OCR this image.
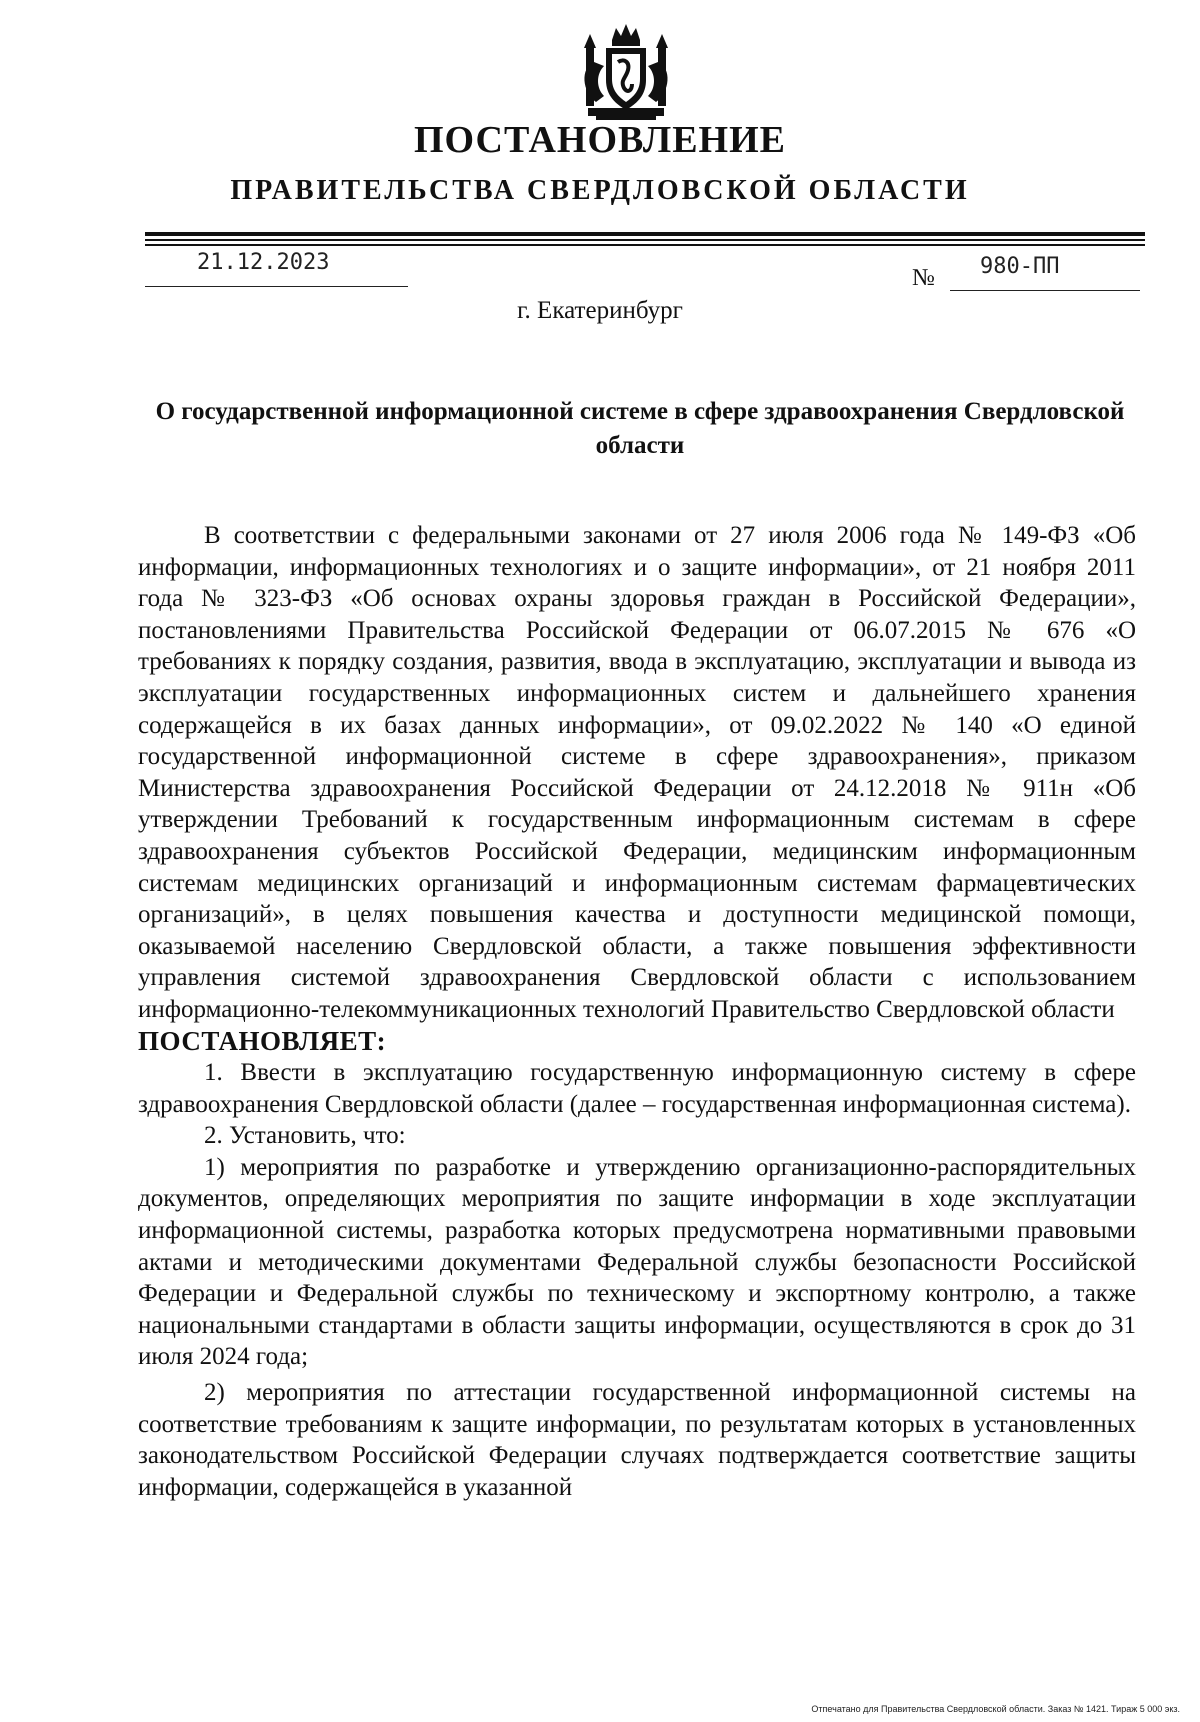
ПОСТАНОВЛЕНИЕ
ПРАВИТЕЛЬСТВА СВЕРДЛОВСКОЙ ОБЛАСТИ
21.12.2023
№ 980-ПП
г. Екатеринбург
О государственной информационной системе в сфере здравоохранения Свердловской области

В соответствии с федеральными законами от 27 июля 2006 года № 149-ФЗ «Об информации, информационных технологиях и о защите информации», от 21 ноября 2011 года № 323-ФЗ «Об основах охраны здоровья граждан в Российской Федерации», постановлениями Правительства Российской Федерации от 06.07.2015 № 676 «О требованиях к порядку создания, развития, ввода в эксплуатацию, эксплуатации и вывода из эксплуатации государственных информационных систем и дальнейшего хранения содержащейся в их базах данных информации», от 09.02.2022 № 140 «О единой государственной информационной системе в сфере здравоохранения», приказом Министерства здравоохранения Российской Федерации от 24.12.2018 № 911н «Об утверждении Требований к государственным информационным системам в сфере здравоохранения субъектов Российской Федерации, медицинским информационным системам медицинских организаций и информационным системам фармацевтических организаций», в целях повышения качества и доступности медицинской помощи, оказываемой населению Свердловской области, а также повышения эффективности управления системой здравоохранения Свердловской области с использованием информационно-телекоммуникационных технологий Правительство Свердловской области

ПОСТАНОВЛЯЕТ:

1. Ввести в эксплуатацию государственную информационную систему в сфере здравоохранения Свердловской области (далее – государственная информационная система).

2. Установить, что:

1) мероприятия по разработке и утверждению организационно-распорядительных документов, определяющих мероприятия по защите информации в ходе эксплуатации информационной системы, разработка которых предусмотрена нормативными правовыми актами и методическими документами Федеральной службы безопасности Российской Федерации и Федеральной службы по техническому и экспортному контролю, а также национальными стандартами в области защиты информации, осуществляются в срок до 31 июля 2024 года;

2) мероприятия по аттестации государственной информационной системы на соответствие требованиям к защите информации, по результатам которых в установленных законодательством Российской Федерации случаях подтверждается соответствие защиты информации, содержащейся в указанной

Отпечатано для Правительства Свердловской области. Заказ № 1421. Тираж 5 000 экз.
